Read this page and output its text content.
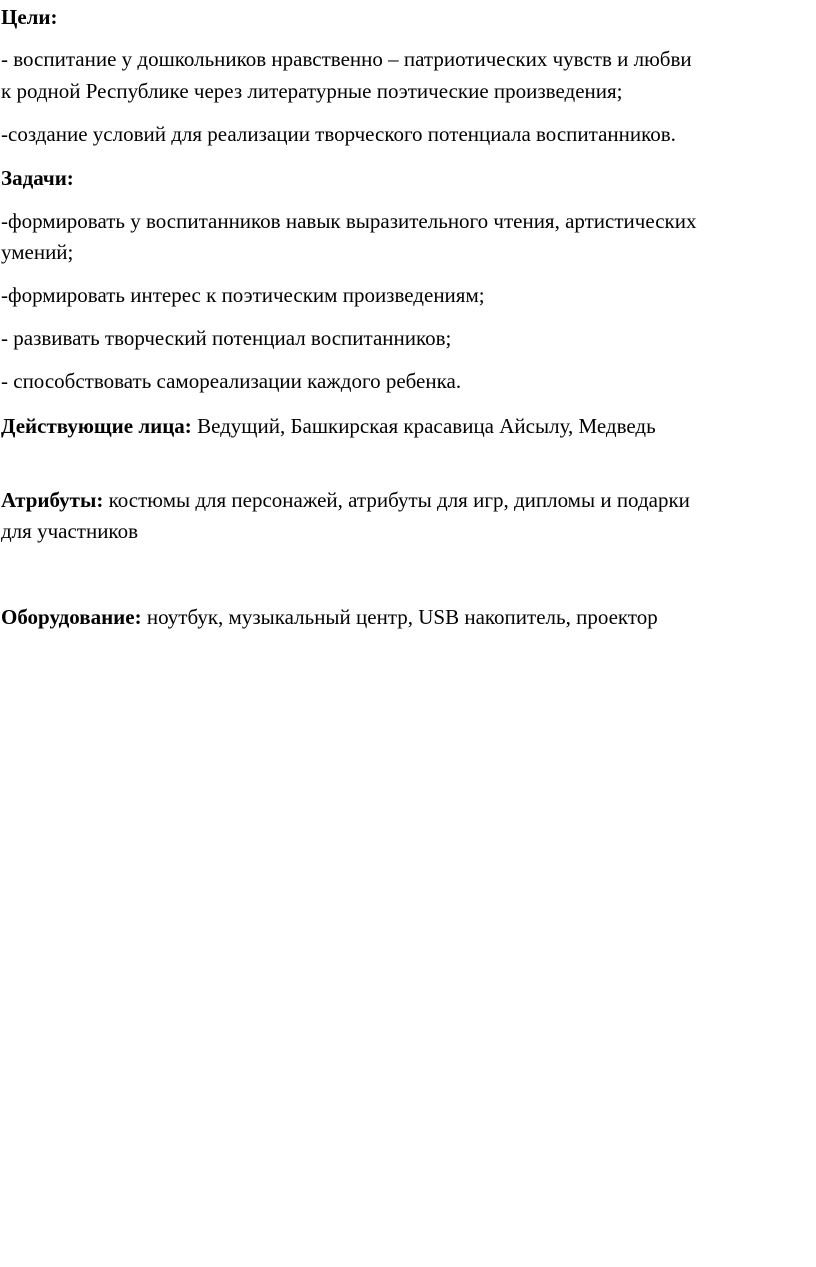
Цели:
- воспитание у дошкольников нравственно – патриотических чувств и любви
к родной Республике через литературные поэтические произведения;
-создание условий для реализации творческого потенциала воспитанников.
Задачи:
-формировать у воспитанников навык выразительного чтения, артистических
умений;
-формировать интерес к поэтическим произведениям;
- развивать творческий потенциал воспитанников;
- способствовать самореализации каждого ребенка.
Действующие лица: Ведущий, Башкирская красавица Айсылу, Медведь
Атрибуты: костюмы для персонажей, атрибуты для игр, дипломы и подарки
для участников
Оборудование: ноутбук, музыкальный центр, USB накопитель, проектор
